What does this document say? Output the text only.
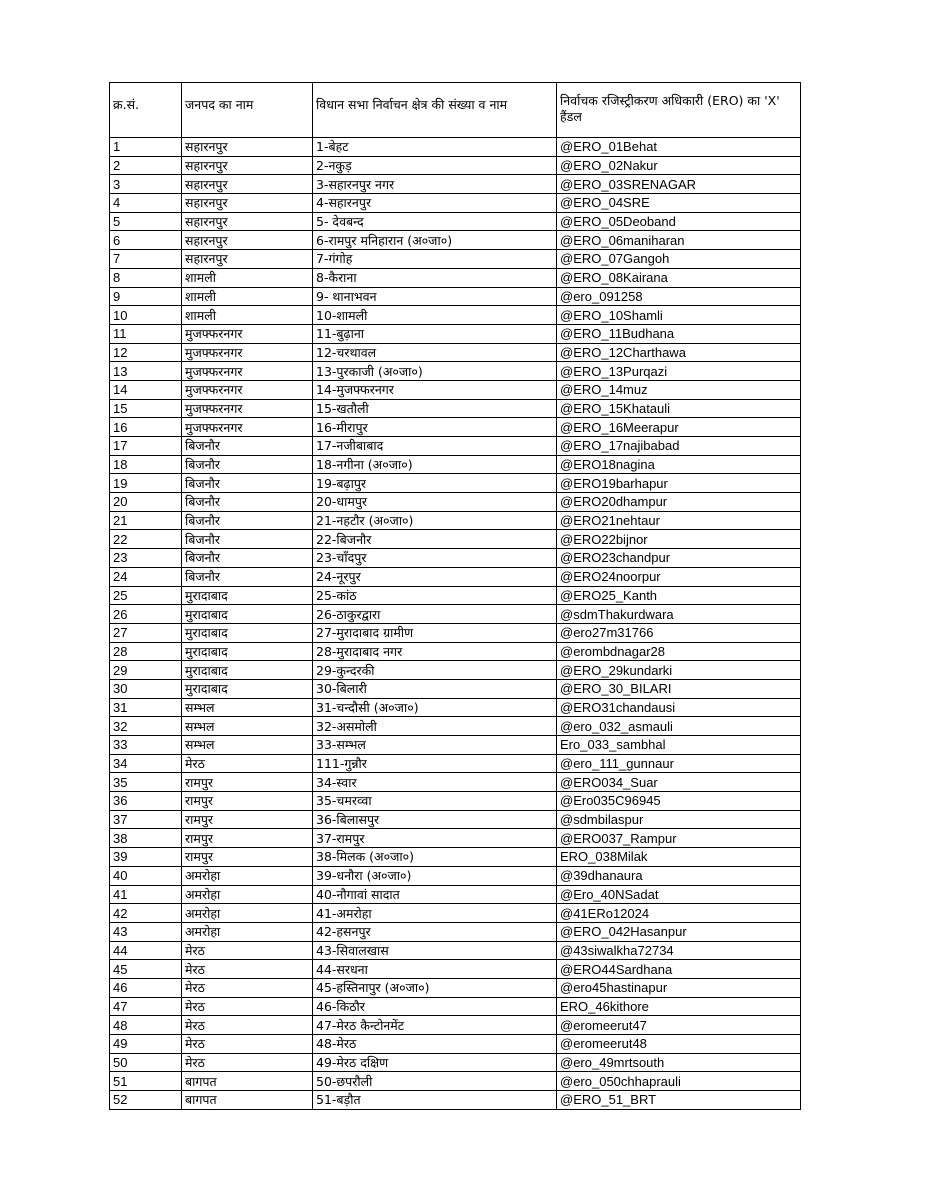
क्र.सं.	जनपद का नाम	विधान सभा निर्वाचन क्षेत्र की संख्या व नाम	निर्वाचक रजिस्ट्रीकरण अधिकारी (ERO) का 'X' हैंडल
1	सहारनपुर	1-बेहट	@ERO_01Behat
2	सहारनपुर	2-नकुड़	@ERO_02Nakur
3	सहारनपुर	3-सहारनपुर नगर	@ERO_03SRENAGAR
4	सहारनपुर	4-सहारनपुर	@ERO_04SRE
5	सहारनपुर	5- देवबन्द	@ERO_05Deoband
6	सहारनपुर	6-रामपुर मनिहारान (अ०जा०)	@ERO_06maniharan
7	सहारनपुर	7-गंगोह	@ERO_07Gangoh
8	शामली	8-कैराना	@ERO_08Kairana
9	शामली	9- थानाभवन	@ero_091258
10	शामली	10-शामली	@ERO_10Shamli
11	मुजफ्फरनगर	11-बुढ़ाना	@ERO_11Budhana
12	मुजफ्फरनगर	12-चरथावल	@ERO_12Charthawa
13	मुजफ्फरनगर	13-पुरकाजी (अ०जा०)	@ERO_13Purqazi
14	मुजफ्फरनगर	14-मुजफ्फरनगर	@ERO_14muz
15	मुजफ्फरनगर	15-खतौली	@ERO_15Khatauli
16	मुजफ्फरनगर	16-मीरापुर	@ERO_16Meerapur
17	बिजनौर	17-नजीबाबाद	@ERO_17najibabad
18	बिजनौर	18-नगीना (अ०जा०)	@ERO18nagina
19	बिजनौर	19-बढ़ापुर	@ERO19barhapur
20	बिजनौर	20-धामपुर	@ERO20dhampur
21	बिजनौर	21-नहटौर (अ०जा०)	@ERO21nehtaur
22	बिजनौर	22-बिजनौर	@ERO22bijnor
23	बिजनौर	23-चाँदपुर	@ERO23chandpur
24	बिजनौर	24-नूरपुर	@ERO24noorpur
25	मुरादाबाद	25-कांठ	@ERO25_Kanth
26	मुरादाबाद	26-ठाकुरद्वारा	@sdmThakurdwara
27	मुरादाबाद	27-मुरादाबाद ग्रामीण	@ero27m31766
28	मुरादाबाद	28-मुरादाबाद नगर	@erombdnagar28
29	मुरादाबाद	29-कुन्दरकी	@ERO_29kundarki
30	मुरादाबाद	30-बिलारी	@ERO_30_BILARI
31	सम्भल	31-चन्दौसी (अ०जा०)	@ERO31chandausi
32	सम्भल	32-असमोली	@ero_032_asmauli
33	सम्भल	33-सम्भल	Ero_033_sambhal
34	मेरठ	111-गुन्नौर	@ero_111_gunnaur
35	रामपुर	34-स्वार	@ERO034_Suar
36	रामपुर	35-चमरव्वा	@Ero035C96945
37	रामपुर	36-बिलासपुर	@sdmbilaspur
38	रामपुर	37-रामपुर	@ERO037_Rampur
39	रामपुर	38-मिलक (अ०जा०)	ERO_038Milak
40	अमरोहा	39-धनौरा (अ०जा०)	@39dhanaura
41	अमरोहा	40-नौगावां सादात	@Ero_40NSadat
42	अमरोहा	41-अमरोहा	@41ERo12024
43	अमरोहा	42-हसनपुर	@ERO_042Hasanpur
44	मेरठ	43-सिवालखास	@43siwalkha72734
45	मेरठ	44-सरधना	@ERO44Sardhana
46	मेरठ	45-हस्तिनापुर (अ०जा०)	@ero45hastinapur
47	मेरठ	46-किठौर	ERO_46kithore
48	मेरठ	47-मेरठ कैन्टोनमेंट	@eromeerut47
49	मेरठ	48-मेरठ	@eromeerut48
50	मेरठ	49-मेरठ दक्षिण	@ero_49mrtsouth
51	बागपत	50-छपरौली	@ero_050chhaprauli
52	बागपत	51-बड़ौत	@ERO_51_BRT
